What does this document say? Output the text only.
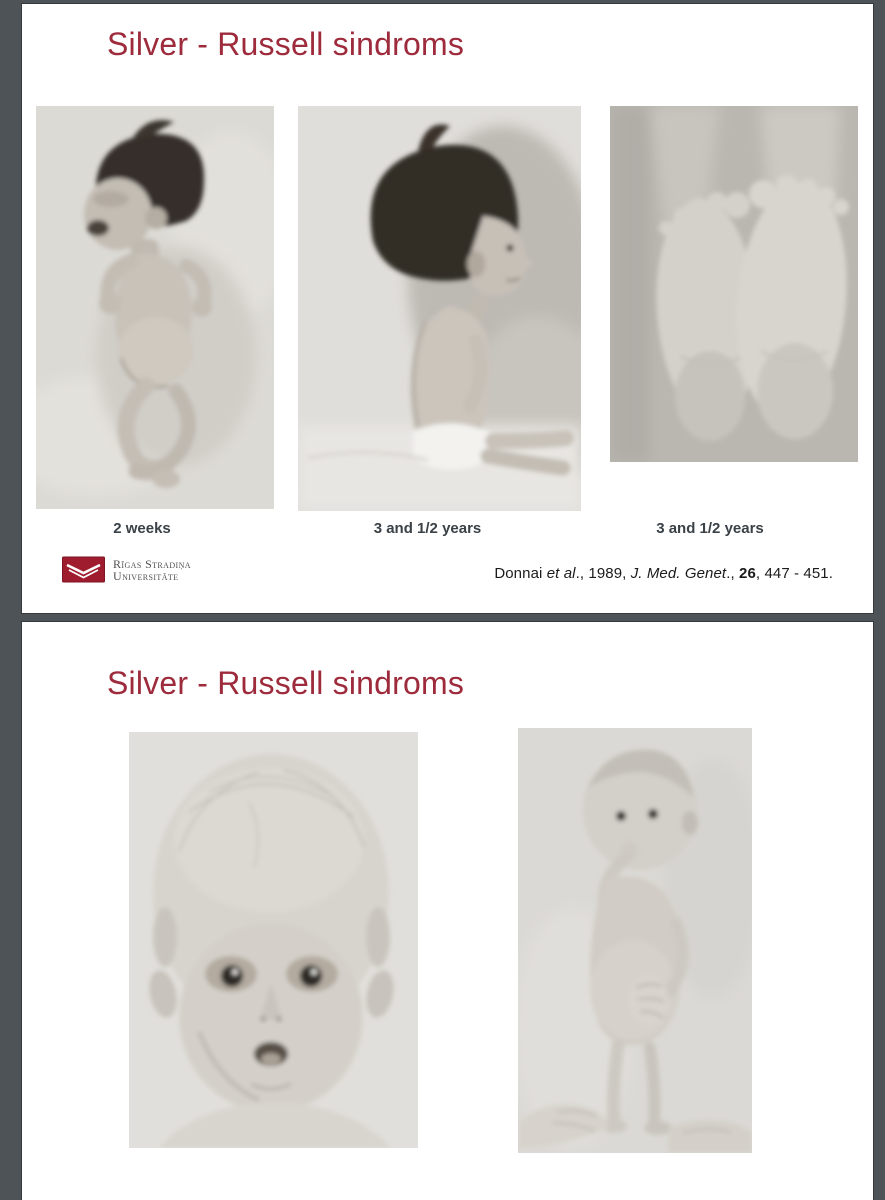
Silver - Russell sindroms
2 weeks	3 and 1/2 years	3 and 1/2 years
Rīgas Stradiņa
Universitāte	Donnai et al., 1989, J. Med. Genet., 26, 447 - 451.
Silver - Russell sindroms
